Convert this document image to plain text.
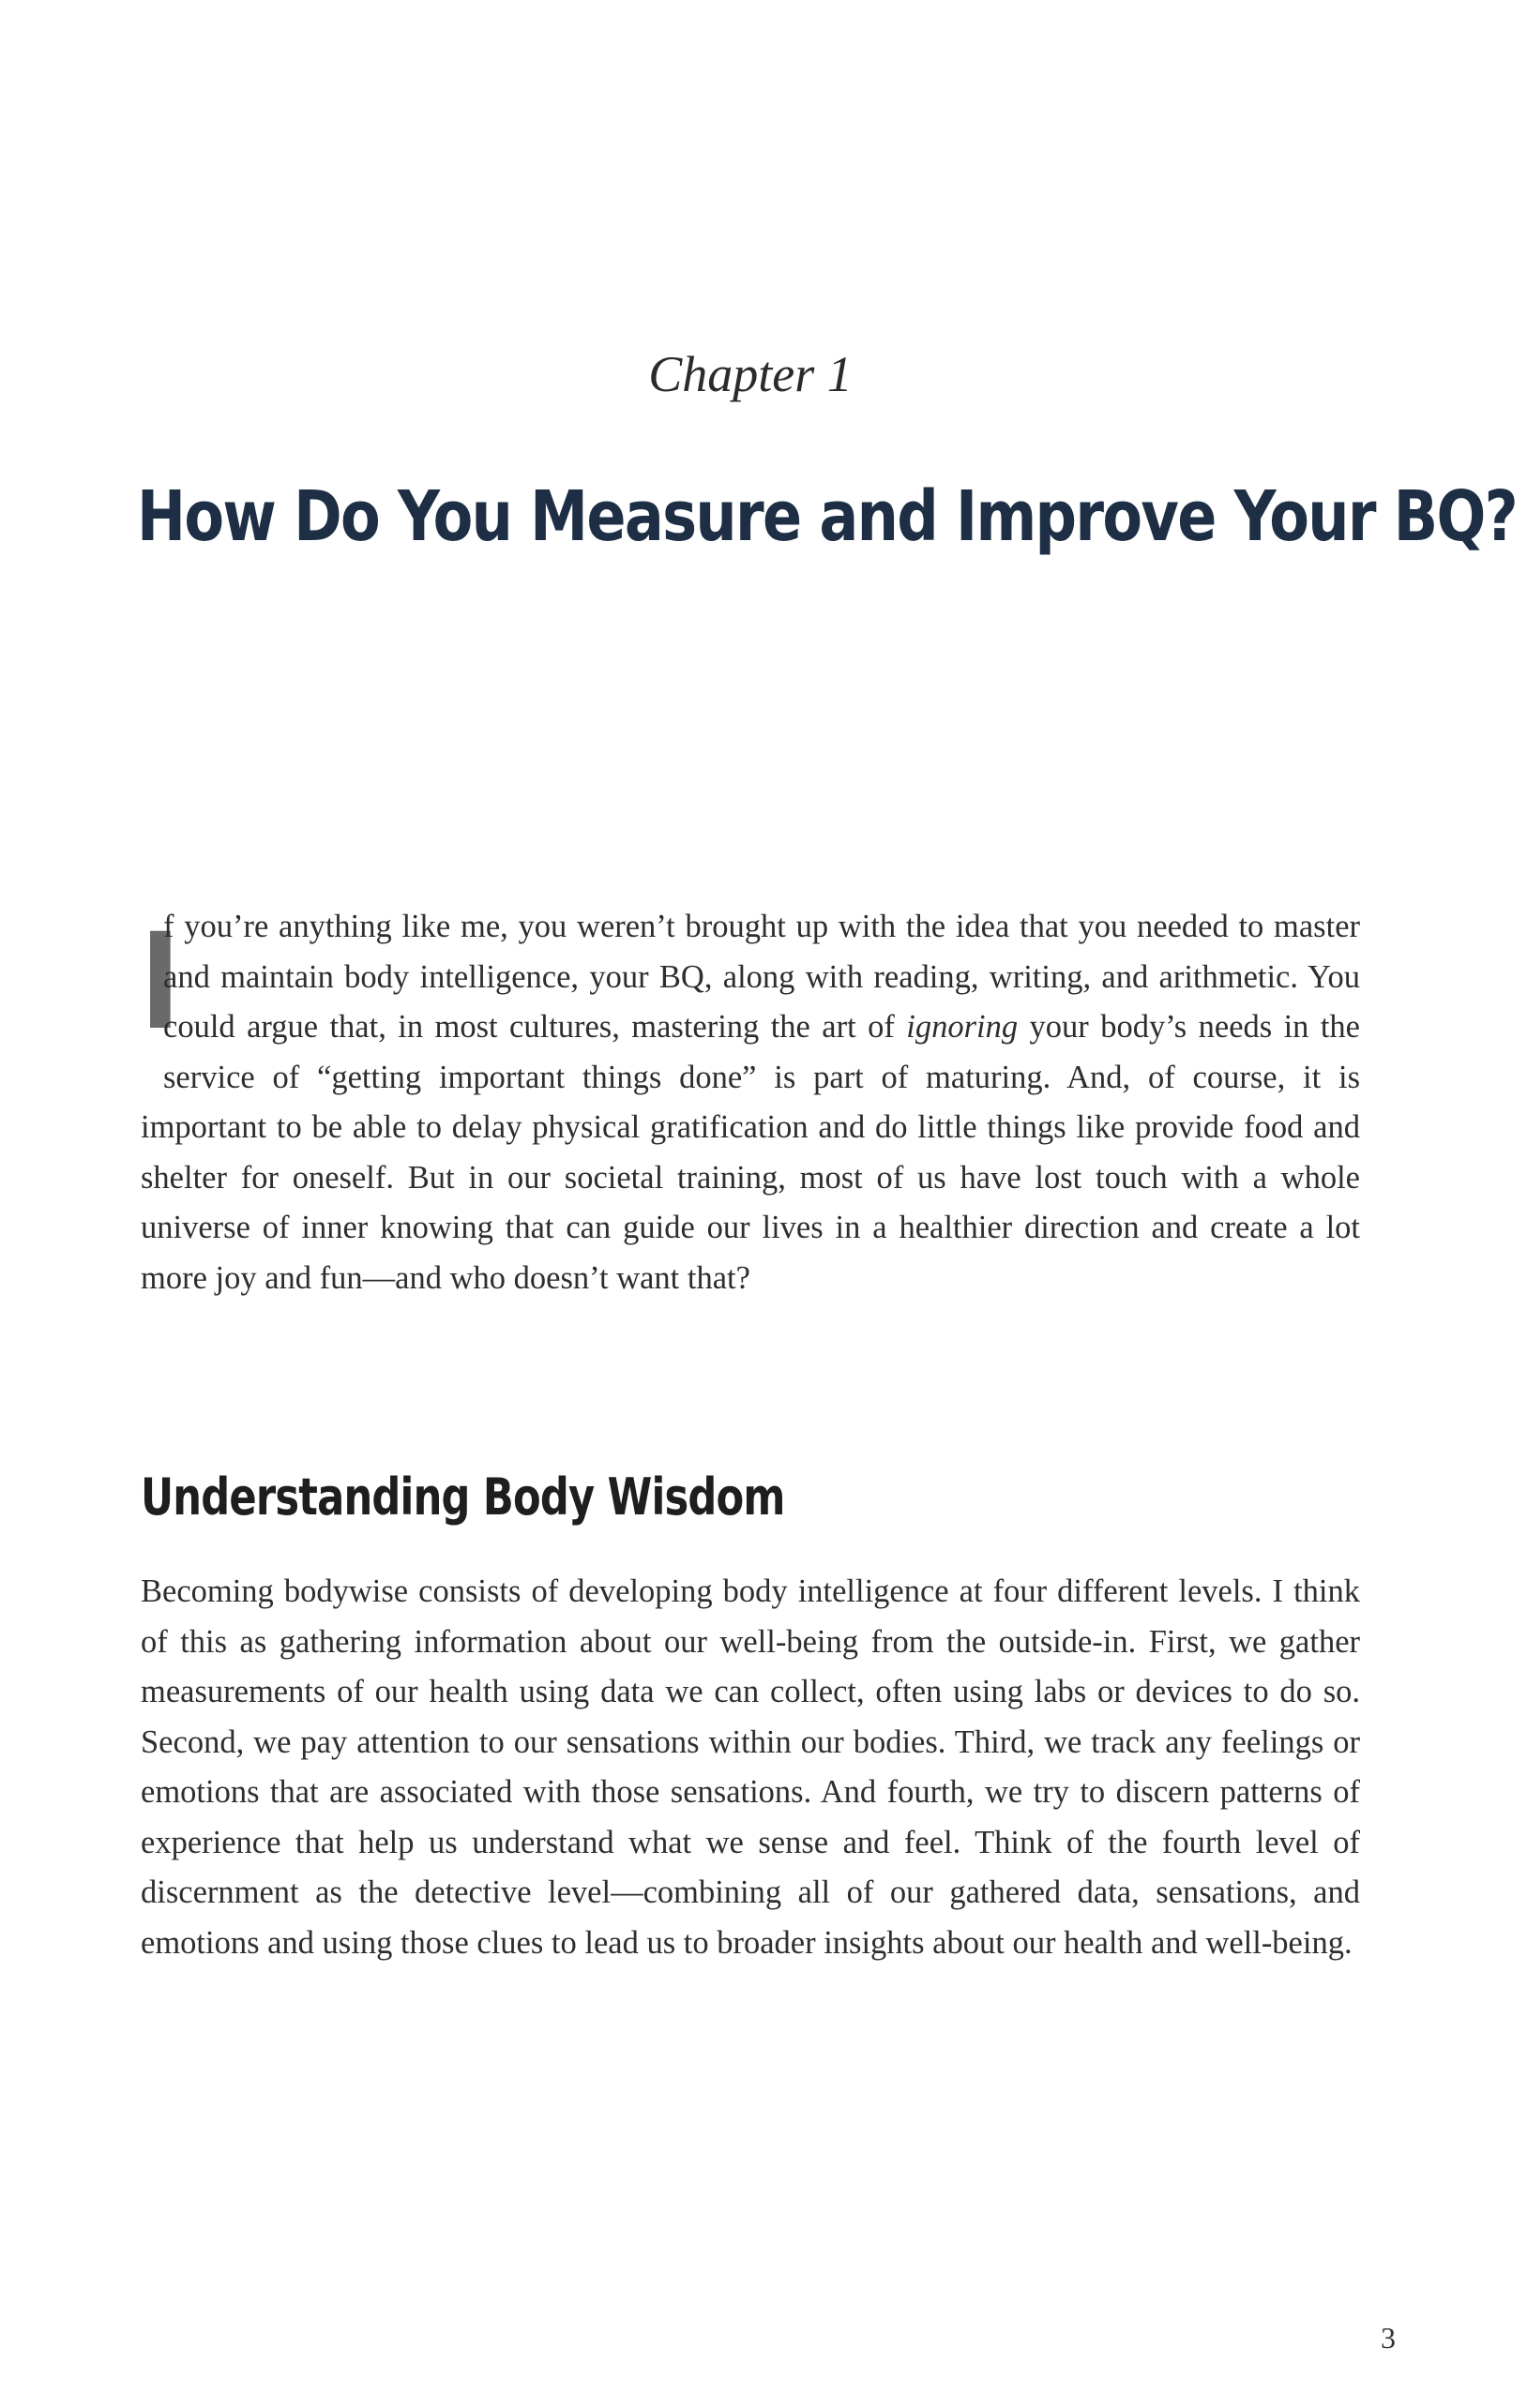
Chapter 1
How Do You Measure and Improve Your BQ?

I
f you’re anything like me, you weren’t brought up with the idea that you needed to master and maintain body intelligence, your BQ, along with reading, writing, and arithmetic. You could argue that, in most cultures, mastering the art of ignoring your body’s needs in the service of “getting important things done” is part of maturing. And, of course, it is important to be able to delay physical gratification and do little things like provide food and shelter for oneself. But in our societal training, most of us have lost touch with a whole universe of inner knowing that can guide our lives in a healthier direction and create a lot more joy and fun—and who doesn’t want that?

Understanding Body Wisdom

Becoming bodywise consists of developing body intelligence at four different levels. I think of this as gathering information about our well-being from the outside-in. First, we gather measurements of our health using data we can collect, often using labs or devices to do so. Second, we pay attention to our sensations within our bodies. Third, we track any feelings or emotions that are associated with those sensations. And fourth, we try to discern patterns of experience that help us understand what we sense and feel. Think of the fourth level of discernment as the detective level—combining all of our gathered data, sensations, and emotions and using those clues to lead us to broader insights about our health and well-being.

3
